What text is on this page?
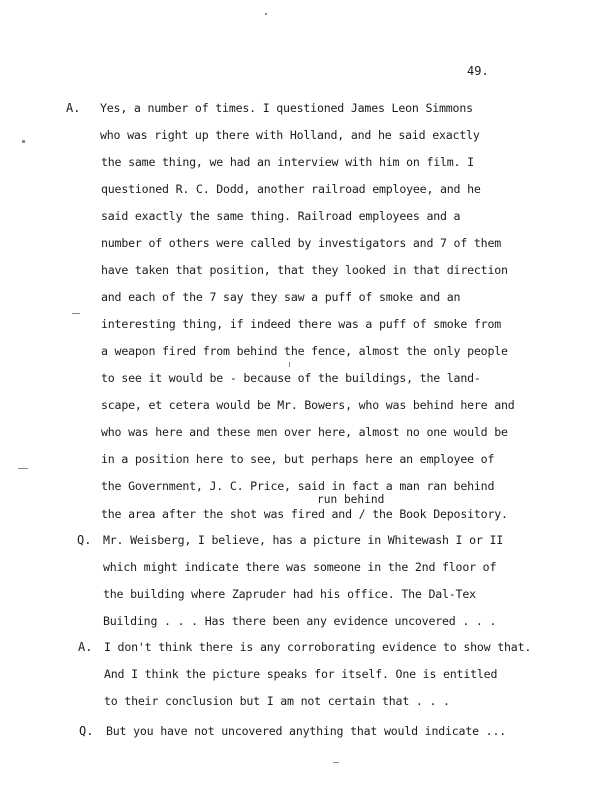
49.
A.
Q.
A.
Q.
Yes, a number of times. I questioned James Leon Simmons
who was right up there with Holland, and he said exactly
the same thing, we had an interview with him on film. I
questioned R. C. Dodd, another railroad employee, and he
said exactly the same thing. Railroad employees and a
number of others were called by investigators and 7 of them
have taken that position, that they looked in that direction
and each of the 7 say they saw a puff of smoke and an
interesting thing, if indeed there was a puff of smoke from
a weapon fired from behind the fence, almost the only people
to see it would be - because of the buildings, the land-
scape, et cetera would be Mr. Bowers, who was behind here and
who was here and these men over here, almost no one would be
in a position here to see, but perhaps here an employee of
the Government, J. C. Price, said in fact a man ran behind
run behind
the area after the shot was fired and / the Book Depository.
Mr. Weisberg, I believe, has a picture in Whitewash I or II
which might indicate there was someone in the 2nd floor of
the building where Zapruder had his office. The Dal-Tex
Building . . . Has there been any evidence uncovered . . .
I don't think there is any corroborating evidence to show that.
And I think the picture speaks for itself. One is entitled
to their conclusion but I am not certain that . . .
But you have not uncovered anything that would indicate ...
